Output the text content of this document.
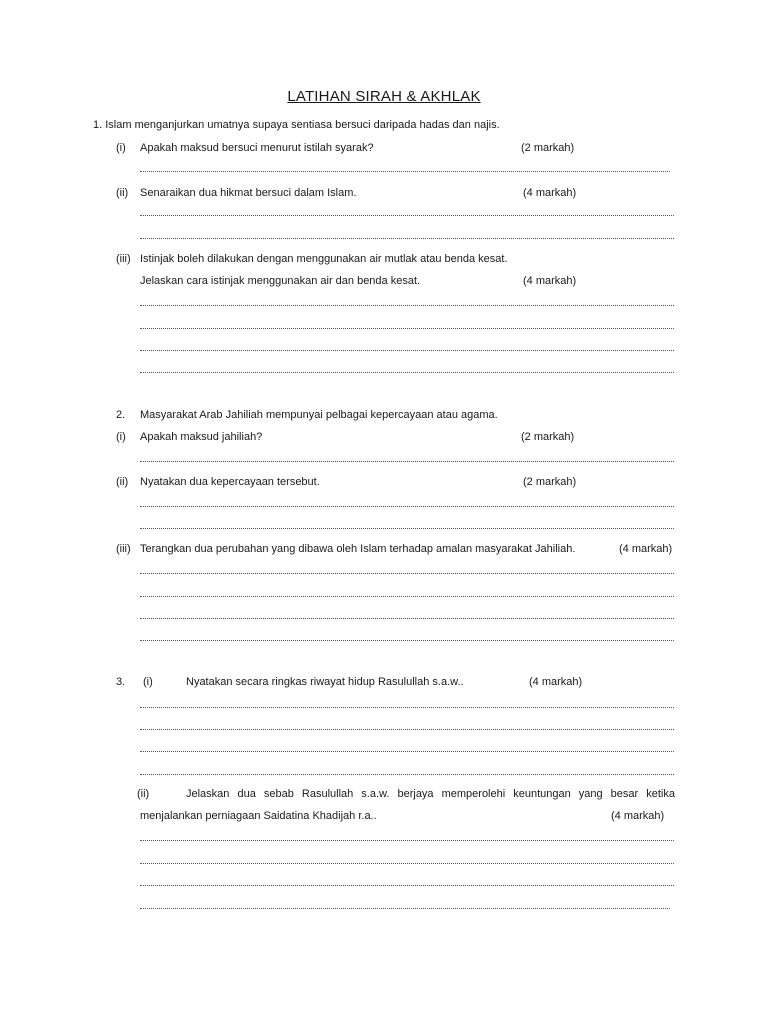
LATIHAN SIRAH & AKHLAK
1. Islam menganjurkan umatnya supaya sentiasa bersuci daripada hadas dan najis.
(i) Apakah maksud bersuci menurut istilah syarak?	(2 markah)
(ii) Senaraikan dua hikmat bersuci dalam Islam.	(4 markah)
(iii) Istinjak boleh dilakukan dengan menggunakan air mutlak atau benda kesat.
Jelaskan cara istinjak menggunakan air dan benda kesat.	(4 markah)
2. Masyarakat Arab Jahiliah mempunyai pelbagai kepercayaan atau agama.
(i) Apakah maksud jahiliah?	(2 markah)
(ii) Nyatakan dua kepercayaan tersebut.	(2 markah)
(iii) Terangkan dua perubahan yang dibawa oleh Islam terhadap amalan masyarakat Jahiliah.	(4 markah)
3. (i)	Nyatakan secara ringkas riwayat hidup Rasulullah s.a.w..	(4 markah)
(ii)	Jelaskan dua sebab Rasulullah s.a.w. berjaya memperolehi keuntungan yang besar ketika
menjalankan perniagaan Saidatina Khadijah r.a..	(4 markah)
